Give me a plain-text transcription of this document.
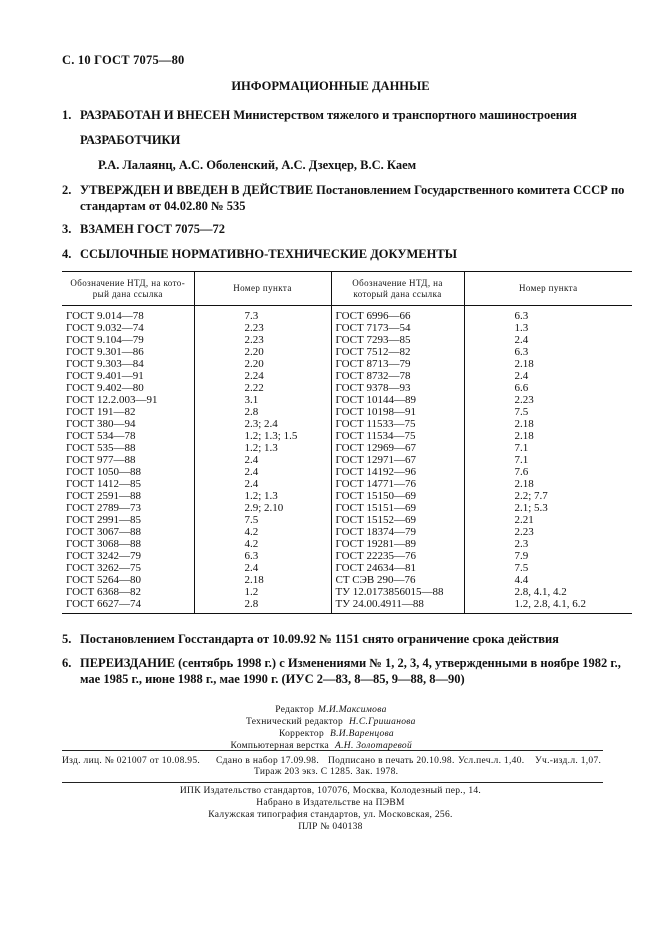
С. 10 ГОСТ 7075—80
ИНФОРМАЦИОННЫЕ ДАННЫЕ
1. РАЗРАБОТАН И ВНЕСЕН Министерством тяжелого и транспортного машиностроения
РАЗРАБОТЧИКИ
Р.А. Лалаянц, А.С. Оболенский, А.С. Дзехцер, В.С. Каем
2. УТВЕРЖДЕН И ВВЕДЕН В ДЕЙСТВИЕ Постановлением Государственного комитета СССР по стандартам от 04.02.80 № 535
3. ВЗАМЕН ГОСТ 7075—72
4. ССЫЛОЧНЫЕ НОРМАТИВНО-ТЕХНИЧЕСКИЕ ДОКУМЕНТЫ
Обозначение НТД, на кото- рый дана ссылка	Номер пункта	Обозначение НТД, на который дана ссылка	Номер пункта
ГОСТ 9.014—78	7.3	ГОСТ 6996—66	6.3
ГОСТ 9.032—74	2.23	ГОСТ 7173—54	1.3
ГОСТ 9.104—79	2.23	ГОСТ 7293—85	2.4
ГОСТ 9.301—86	2.20	ГОСТ 7512—82	6.3
ГОСТ 9.303—84	2.20	ГОСТ 8713—79	2.18
ГОСТ 9.401—91	2.24	ГОСТ 8732—78	2.4
ГОСТ 9.402—80	2.22	ГОСТ 9378—93	6.6
ГОСТ 12.2.003—91	3.1	ГОСТ 10144—89	2.23
ГОСТ 191—82	2.8	ГОСТ 10198—91	7.5
ГОСТ 380—94	2.3; 2.4	ГОСТ 11533—75	2.18
ГОСТ 534—78	1.2; 1.3; 1.5	ГОСТ 11534—75	2.18
ГОСТ 535—88	1.2; 1.3	ГОСТ 12969—67	7.1
ГОСТ 977—88	2.4	ГОСТ 12971—67	7.1
ГОСТ 1050—88	2.4	ГОСТ 14192—96	7.6
ГОСТ 1412—85	2.4	ГОСТ 14771—76	2.18
ГОСТ 2591—88	1.2; 1.3	ГОСТ 15150—69	2.2; 7.7
ГОСТ 2789—73	2.9; 2.10	ГОСТ 15151—69	2.1; 5.3
ГОСТ 2991—85	7.5	ГОСТ 15152—69	2.21
ГОСТ 3067—88	4.2	ГОСТ 18374—79	2.23
ГОСТ 3068—88	4.2	ГОСТ 19281—89	2.3
ГОСТ 3242—79	6.3	ГОСТ 22235—76	7.9
ГОСТ 3262—75	2.4	ГОСТ 24634—81	7.5
ГОСТ 5264—80	2.18	СТ СЭВ 290—76	4.4
ГОСТ 6368—82	1.2	ТУ 12.0173856015—88	2.8, 4.1, 4.2
ГОСТ 6627—74	2.8	ТУ 24.00.4911—88	1.2, 2.8, 4.1, 6.2
5. Постановлением Госстандарта от 10.09.92 № 1151 снято ограничение срока действия
6. ПЕРЕИЗДАНИЕ (сентябрь 1998 г.) с Изменениями № 1, 2, 3, 4, утвержденными в ноябре 1982 г., мае 1985 г., июне 1988 г., мае 1990 г. (ИУС 2—83, 8—85, 9—88, 8—90)
Редактор М.И.Максимова
Технический редактор Н.С.Гришанова
Корректор В.И.Варенцова
Компьютерная верстка А.Н. Золотаревой
Изд. лиц. № 021007 от 10.08.95. Сдано в набор 17.09.98. Подписано в печать 20.10.98. Усл.печ.л. 1,40. Уч.-изд.л. 1,07.
Тираж 203 экз. С 1285. Зак. 1978.
ИПК Издательство стандартов, 107076, Москва, Колодезный пер., 14.
Набрано в Издательстве на ПЭВМ
Калужская типография стандартов, ул. Московская, 256.
ПЛР № 040138
